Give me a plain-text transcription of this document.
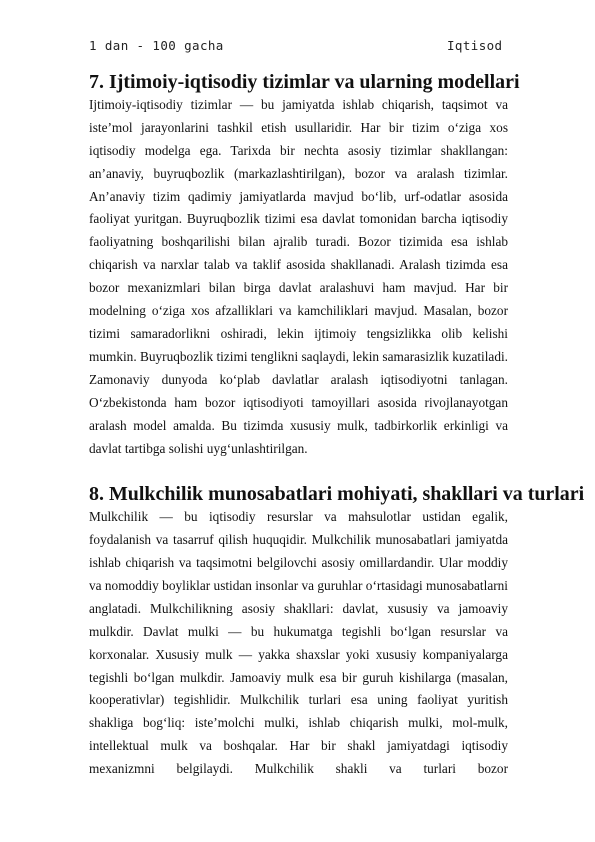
1 dan - 100 gacha	Iqtisod
7. Ijtimoiy-iqtisodiy tizimlar va ularning modellari

Ijtimoiy-iqtisodiy tizimlar — bu jamiyatda ishlab chiqarish, taqsimot va iste’mol jarayonlarini tashkil etish usullaridir. Har bir tizim o‘ziga xos iqtisodiy modelga ega. Tarixda bir nechta asosiy tizimlar shakllangan: an’anaviy, buyruqbozlik (markazlashtirilgan), bozor va aralash tizimlar. An’anaviy tizim qadimiy jamiyatlarda mavjud bo‘lib, urf-odatlar asosida faoliyat yuritgan. Buyruqbozlik tizimi esa davlat tomonidan barcha iqtisodiy faoliyatning boshqarilishi bilan ajralib turadi. Bozor tizimida esa ishlab chiqarish va narxlar talab va taklif asosida shakllanadi. Aralash tizimda esa bozor mexanizmlari bilan birga davlat aralashuvi ham mavjud. Har bir modelning o‘ziga xos afzalliklari va kamchiliklari mavjud. Masalan, bozor tizimi samaradorlikni oshiradi, lekin ijtimoiy tengsizlikka olib kelishi mumkin. Buyruqbozlik tizimi tenglikni saqlaydi, lekin samarasizlik kuzatiladi. Zamonaviy dunyoda ko‘plab davlatlar aralash iqtisodiyotni tanlagan. O‘zbekistonda ham bozor iqtisodiyoti tamoyillari asosida rivojlanayotgan aralash model amalda. Bu tizimda xususiy mulk, tadbirkorlik erkinligi va davlat tartibga solishi uyg‘unlashtirilgan.

8. Mulkchilik munosabatlari mohiyati, shakllari va turlari

Mulkchilik — bu iqtisodiy resurslar va mahsulotlar ustidan egalik, foydalanish va tasarruf qilish huquqidir. Mulkchilik munosabatlari jamiyatda ishlab chiqarish va taqsimotni belgilovchi asosiy omillardandir. Ular moddiy va nomoddiy boyliklar ustidan insonlar va guruhlar o‘rtasidagi munosabatlarni anglatadi. Mulkchilikning asosiy shakllari: davlat, xususiy va jamoaviy mulkdir. Davlat mulki — bu hukumatga tegishli bo‘lgan resurslar va korxonalar. Xususiy mulk — yakka shaxslar yoki xususiy kompaniyalarga tegishli bo‘lgan mulkdir. Jamoaviy mulk esa bir guruh kishilarga (masalan, kooperativlar) tegishlidir. Mulkchilik turlari esa uning faoliyat yuritish shakliga bog‘liq: iste’molchi mulki, ishlab chiqarish mulki, mol-mulk, intellektual mulk va boshqalar. Har bir shakl jamiyatdagi iqtisodiy mexanizmni belgilaydi. Mulkchilik shakli va turlari bozor
